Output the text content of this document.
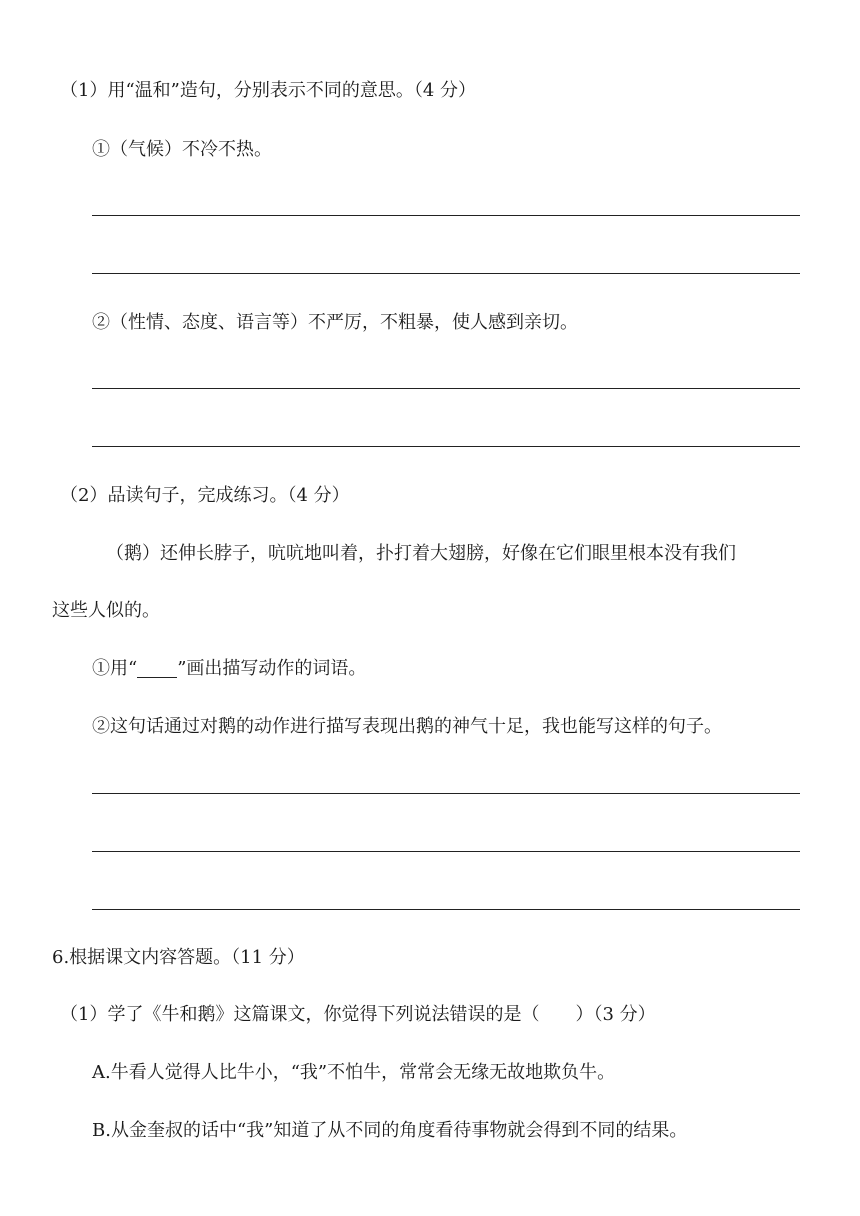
（1）用“温和”造句，分别表示不同的意思。（4 分）
①（气候）不冷不热。
②（性情、态度、语言等）不严厉，不粗暴，使人感到亲切。
（2）品读句子，完成练习。（4 分）
（鹅）还伸长脖子，吭吭地叫着，扑打着大翅膀，好像在它们眼里根本没有我们
这些人似的。
①用“ ”画出描写动作的词语。
②这句话通过对鹅的动作进行描写表现出鹅的神气十足，我也能写这样的句子。
6.根据课文内容答题。（11 分）
（1）学了《牛和鹅》这篇课文，你觉得下列说法错误的是（　　）（3 分）
A.牛看人觉得人比牛小，“我”不怕牛，常常会无缘无故地欺负牛。
B.从金奎叔的话中“我”知道了从不同的角度看待事物就会得到不同的结果。
